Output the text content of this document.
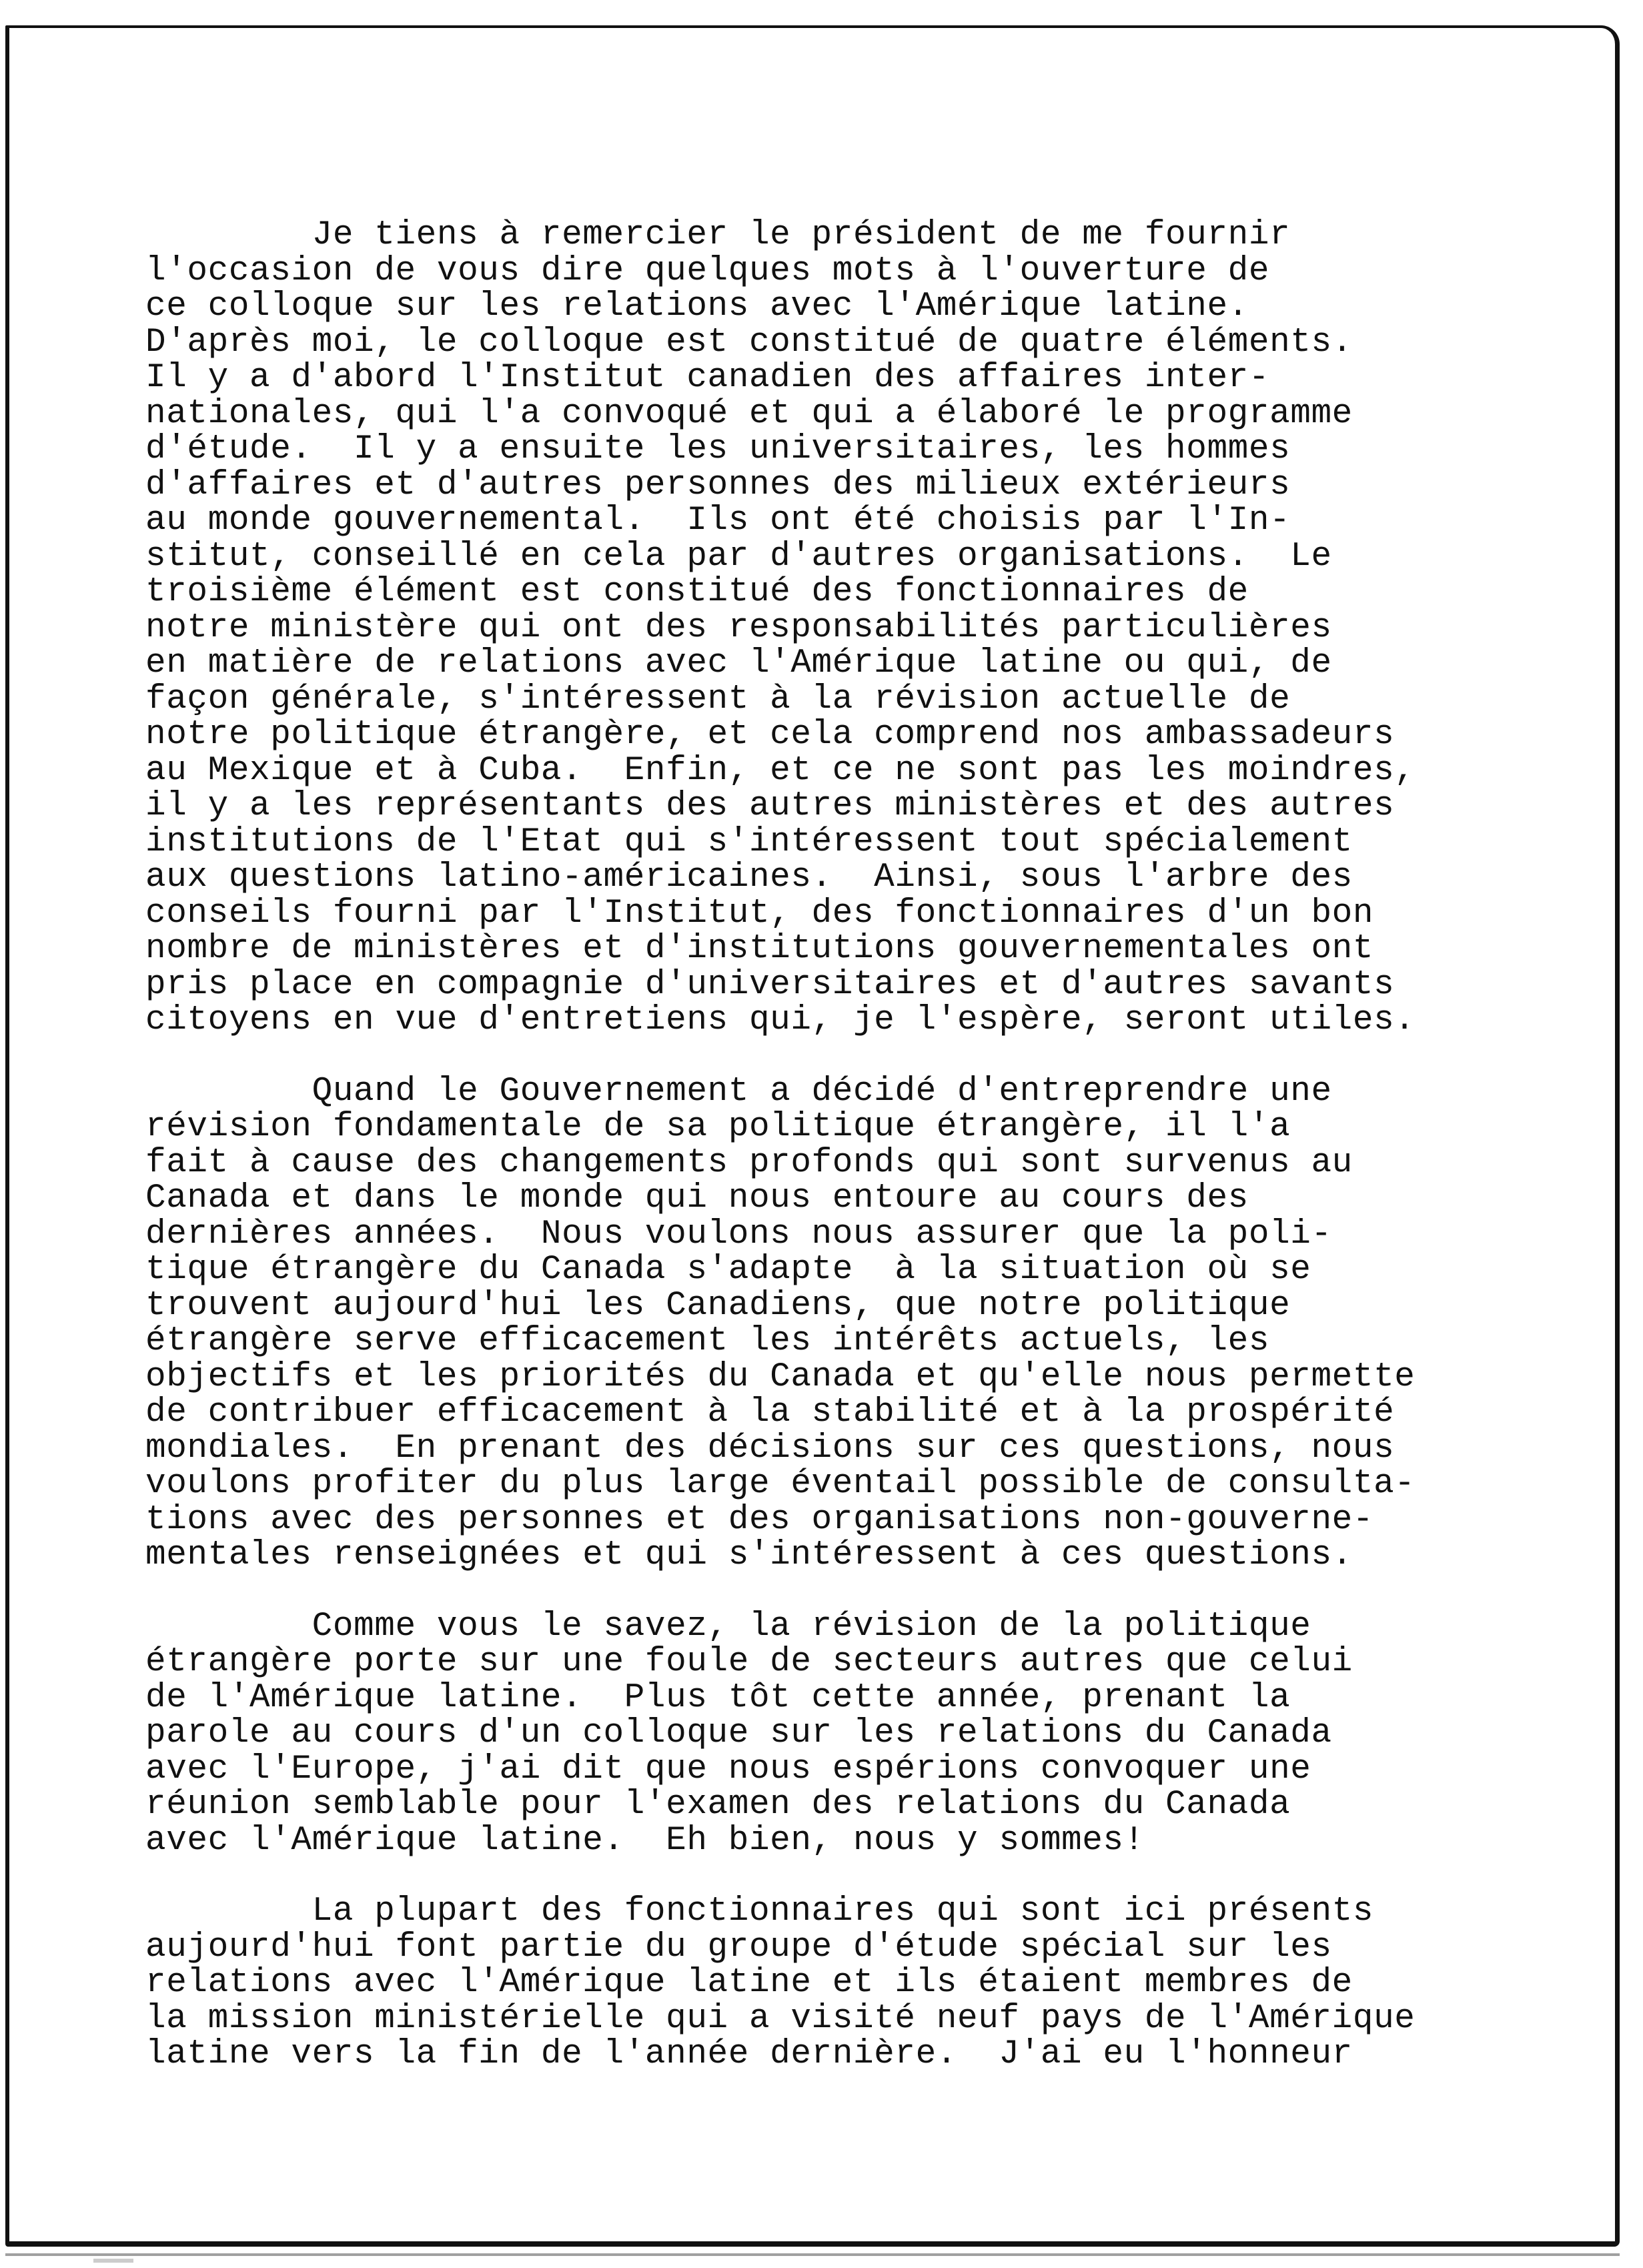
Je tiens à remercier le président de me fournir
l'occasion de vous dire quelques mots à l'ouverture de
ce colloque sur les relations avec l'Amérique latine.
D'après moi, le colloque est constitué de quatre éléments.
Il y a d'abord l'Institut canadien des affaires inter-
nationales, qui l'a convoqué et qui a élaboré le programme
d'étude.  Il y a ensuite les universitaires, les hommes
d'affaires et d'autres personnes des milieux extérieurs
au monde gouvernemental.  Ils ont été choisis par l'In-
stitut, conseillé en cela par d'autres organisations.  Le
troisième élément est constitué des fonctionnaires de
notre ministère qui ont des responsabilités particulières
en matière de relations avec l'Amérique latine ou qui, de
façon générale, s'intéressent à la révision actuelle de
notre politique étrangère, et cela comprend nos ambassadeurs
au Mexique et à Cuba.  Enfin, et ce ne sont pas les moindres,
il y a les représentants des autres ministères et des autres
institutions de l'Etat qui s'intéressent tout spécialement
aux questions latino-américaines.  Ainsi, sous l'arbre des
conseils fourni par l'Institut, des fonctionnaires d'un bon
nombre de ministères et d'institutions gouvernementales ont
pris place en compagnie d'universitaires et d'autres savants
citoyens en vue d'entretiens qui, je l'espère, seront utiles.

Quand le Gouvernement a décidé d'entreprendre une
révision fondamentale de sa politique étrangère, il l'a
fait à cause des changements profonds qui sont survenus au
Canada et dans le monde qui nous entoure au cours des
dernières années.  Nous voulons nous assurer que la poli-
tique étrangère du Canada s'adapte  à la situation où se
trouvent aujourd'hui les Canadiens, que notre politique
étrangère serve efficacement les intérêts actuels, les
objectifs et les priorités du Canada et qu'elle nous permette
de contribuer efficacement à la stabilité et à la prospérité
mondiales.  En prenant des décisions sur ces questions, nous
voulons profiter du plus large éventail possible de consulta-
tions avec des personnes et des organisations non-gouverne-
mentales renseignées et qui s'intéressent à ces questions.

Comme vous le savez, la révision de la politique
étrangère porte sur une foule de secteurs autres que celui
de l'Amérique latine.  Plus tôt cette année, prenant la
parole au cours d'un colloque sur les relations du Canada
avec l'Europe, j'ai dit que nous espérions convoquer une
réunion semblable pour l'examen des relations du Canada
avec l'Amérique latine.  Eh bien, nous y sommes!

La plupart des fonctionnaires qui sont ici présents
aujourd'hui font partie du groupe d'étude spécial sur les
relations avec l'Amérique latine et ils étaient membres de
la mission ministérielle qui a visité neuf pays de l'Amérique
latine vers la fin de l'année dernière.  J'ai eu l'honneur
